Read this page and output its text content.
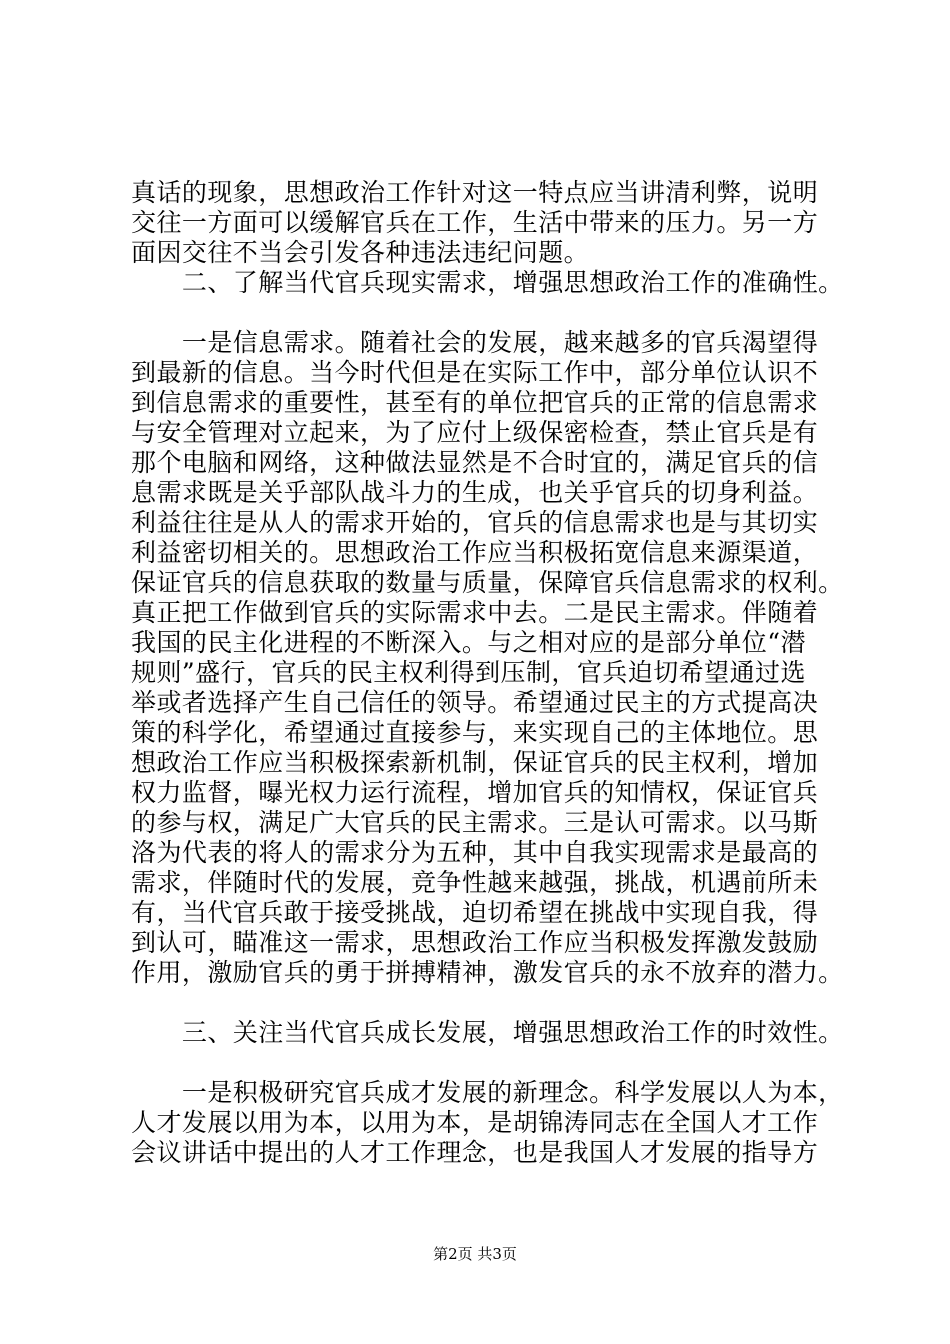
真话的现象，思想政治工作针对这一特点应当讲清利弊，说明
交往一方面可以缓解官兵在工作，生活中带来的压力。另一方
面因交往不当会引发各种违法违纪问题。
　　二、了解当代官兵现实需求，增强思想政治工作的准确性。
　　一是信息需求。随着社会的发展，越来越多的官兵渴望得
到最新的信息。当今时代但是在实际工作中，部分单位认识不
到信息需求的重要性，甚至有的单位把官兵的正常的信息需求
与安全管理对立起来，为了应付上级保密检查，禁止官兵是有
那个电脑和网络，这种做法显然是不合时宜的，满足官兵的信
息需求既是关乎部队战斗力的生成，也关乎官兵的切身利益。
利益往往是从人的需求开始的，官兵的信息需求也是与其切实
利益密切相关的。思想政治工作应当积极拓宽信息来源渠道，
保证官兵的信息获取的数量与质量，保障官兵信息需求的权利。
真正把工作做到官兵的实际需求中去。二是民主需求。伴随着
我国的民主化进程的不断深入。与之相对应的是部分单位“潜
规则”盛行，官兵的民主权利得到压制，官兵迫切希望通过选
举或者选择产生自己信任的领导。希望通过民主的方式提高决
策的科学化，希望通过直接参与，来实现自己的主体地位。思
想政治工作应当积极探索新机制，保证官兵的民主权利，增加
权力监督，曝光权力运行流程，增加官兵的知情权，保证官兵
的参与权，满足广大官兵的民主需求。三是认可需求。以马斯
洛为代表的将人的需求分为五种，其中自我实现需求是最高的
需求，伴随时代的发展，竞争性越来越强，挑战，机遇前所未
有，当代官兵敢于接受挑战，迫切希望在挑战中实现自我，得
到认可，瞄准这一需求，思想政治工作应当积极发挥激发鼓励
作用，激励官兵的勇于拼搏精神，激发官兵的永不放弃的潜力。
　　三、关注当代官兵成长发展，增强思想政治工作的时效性。
　　一是积极研究官兵成才发展的新理念。科学发展以人为本，
人才发展以用为本，以用为本，是胡锦涛同志在全国人才工作
会议讲话中提出的人才工作理念，也是我国人才发展的指导方
第2页 共3页
